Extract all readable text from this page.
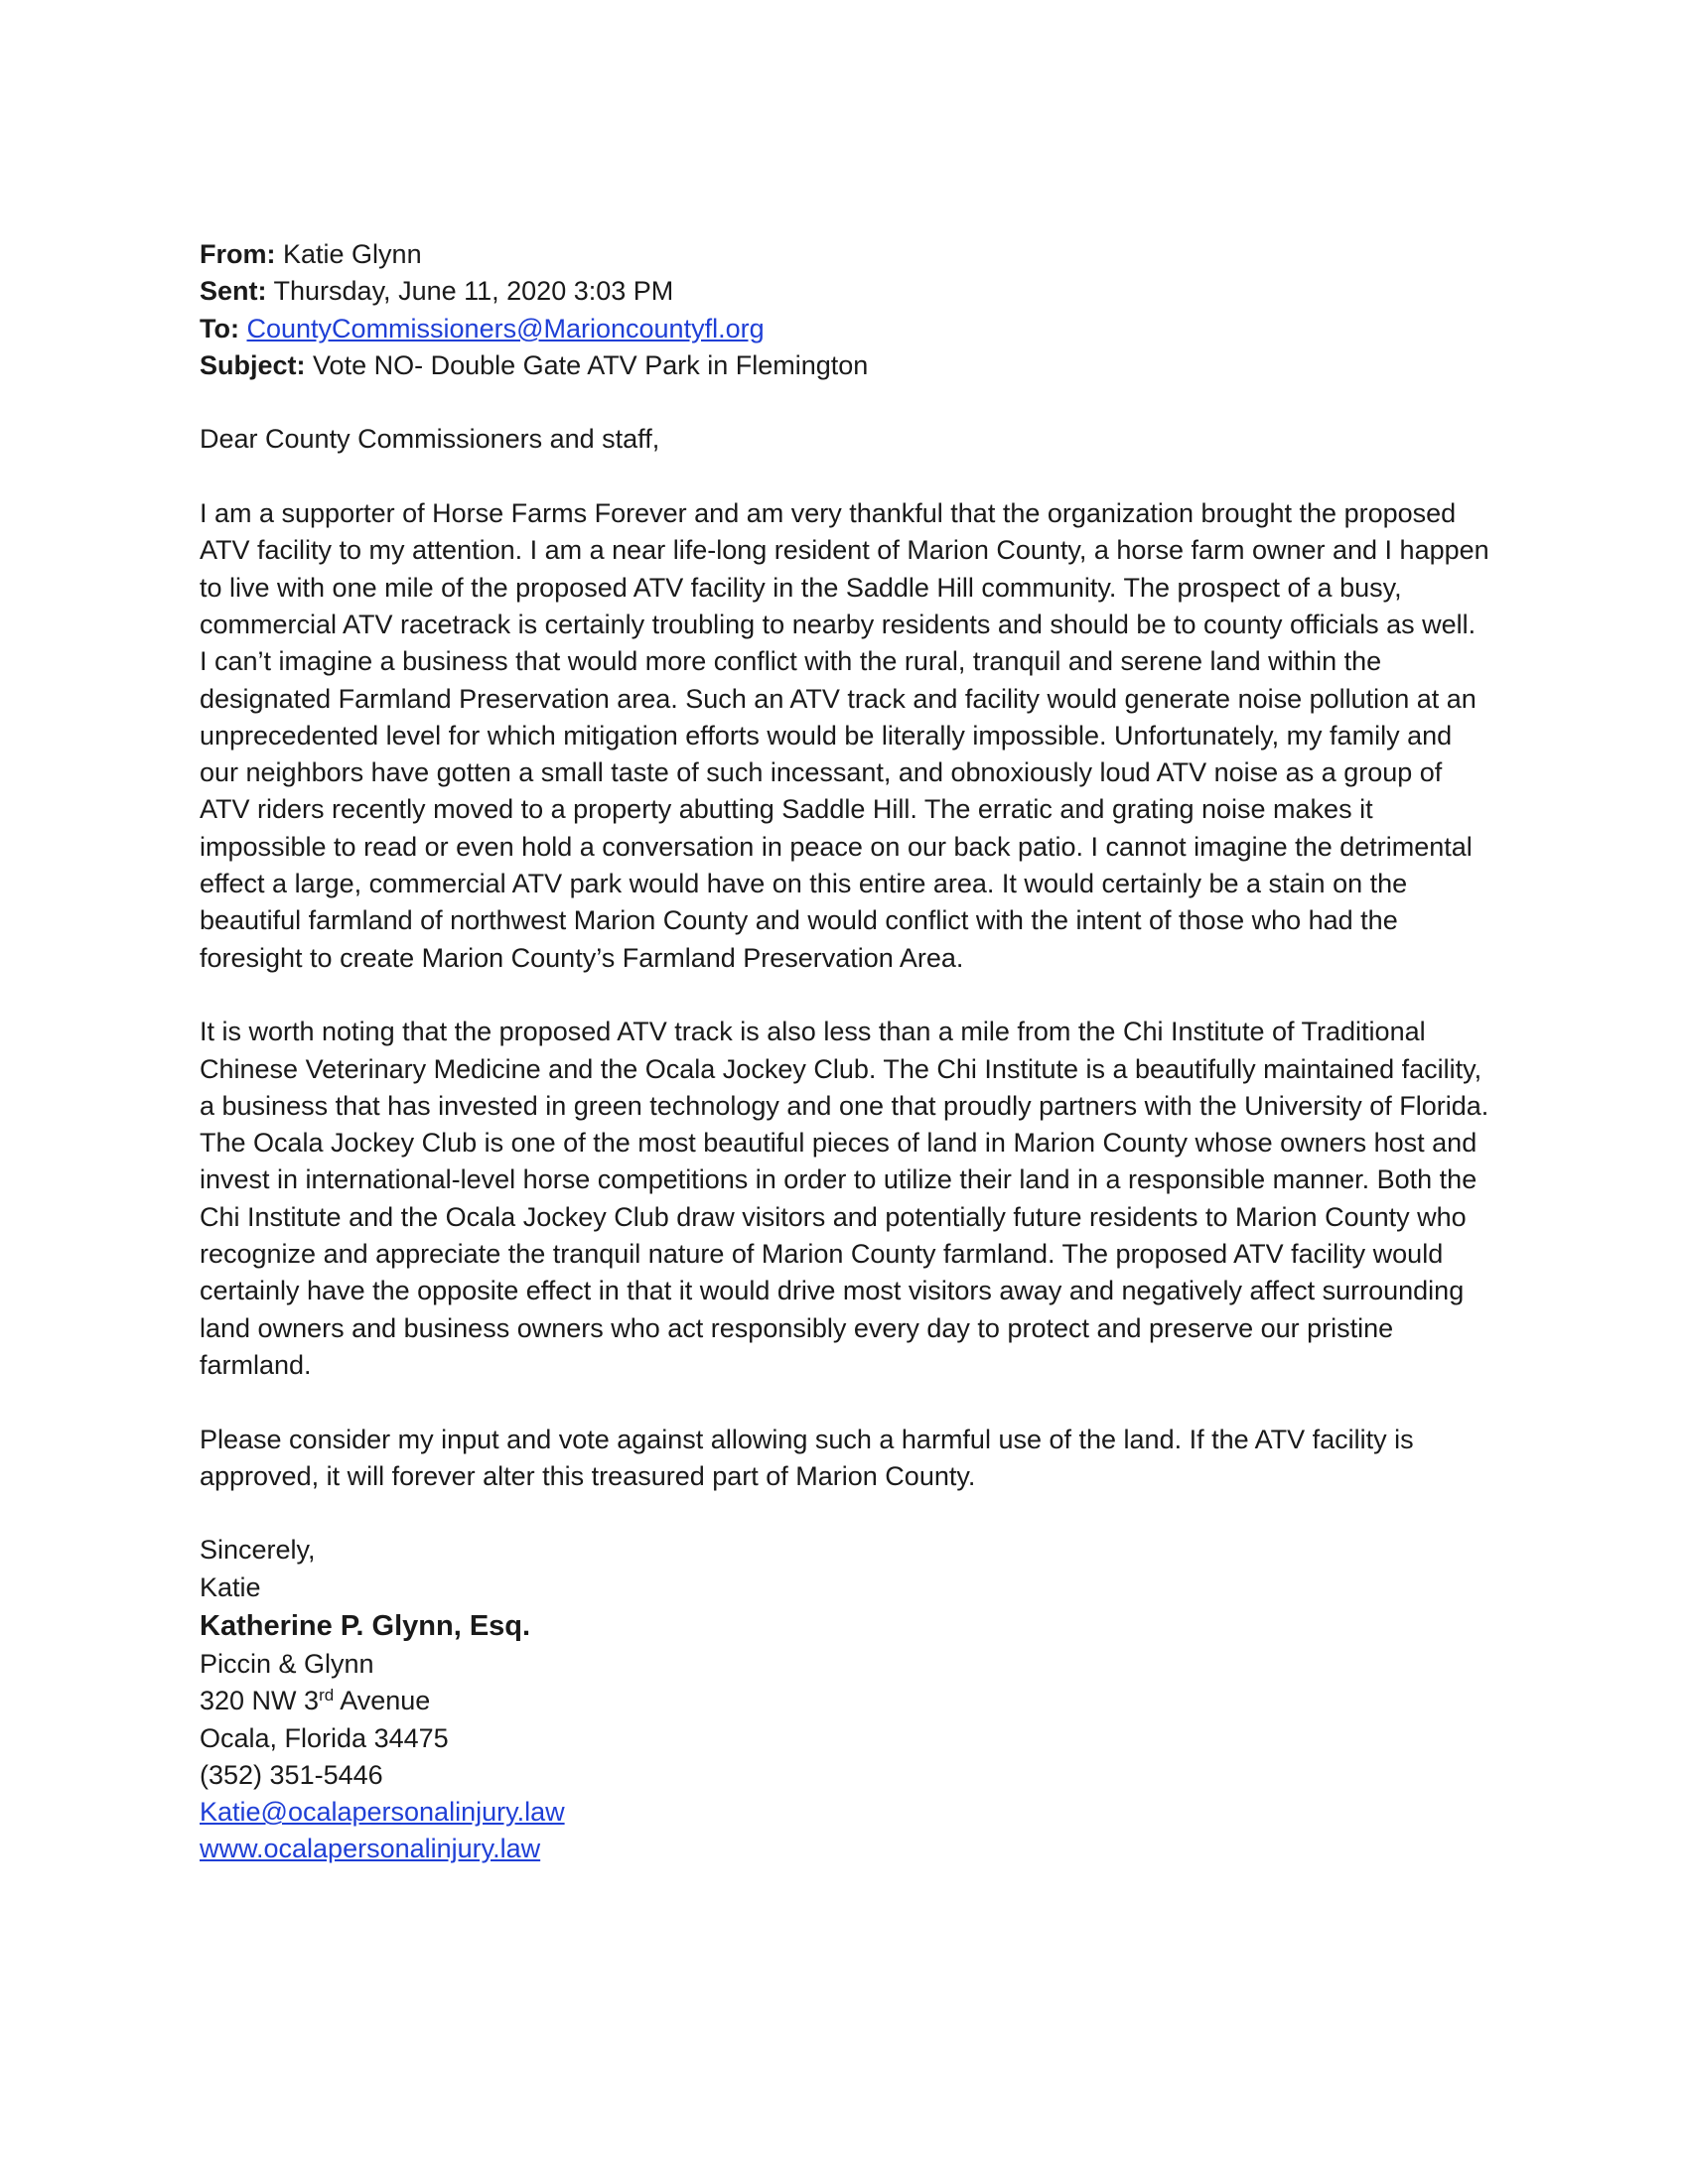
From: Katie Glynn
Sent: Thursday, June 11, 2020 3:03 PM
To: CountyCommissioners@Marioncountyfl.org
Subject: Vote NO- Double Gate ATV Park in Flemington

Dear County Commissioners and staff,

I am a supporter of Horse Farms Forever and am very thankful that the organization brought the proposed ATV facility to my attention. I am a near life-long resident of Marion County, a horse farm owner and I happen to live with one mile of the proposed ATV facility in the Saddle Hill community. The prospect of a busy, commercial ATV racetrack is certainly troubling to nearby residents and should be to county officials as well. I can’t imagine a business that would more conflict with the rural, tranquil and serene land within the designated Farmland Preservation area. Such an ATV track and facility would generate noise pollution at an unprecedented level for which mitigation efforts would be literally impossible. Unfortunately, my family and our neighbors have gotten a small taste of such incessant, and obnoxiously loud ATV noise as a group of ATV riders recently moved to a property abutting Saddle Hill. The erratic and grating noise makes it impossible to read or even hold a conversation in peace on our back patio. I cannot imagine the detrimental effect a large, commercial ATV park would have on this entire area. It would certainly be a stain on the beautiful farmland of northwest Marion County and would conflict with the intent of those who had the foresight to create Marion County’s Farmland Preservation Area.

It is worth noting that the proposed ATV track is also less than a mile from the Chi Institute of Traditional Chinese Veterinary Medicine and the Ocala Jockey Club. The Chi Institute is a beautifully maintained facility, a business that has invested in green technology and one that proudly partners with the University of Florida. The Ocala Jockey Club is one of the most beautiful pieces of land in Marion County whose owners host and invest in international-level horse competitions in order to utilize their land in a responsible manner. Both the Chi Institute and the Ocala Jockey Club draw visitors and potentially future residents to Marion County who recognize and appreciate the tranquil nature of Marion County farmland. The proposed ATV facility would certainly have the opposite effect in that it would drive most visitors away and negatively affect surrounding land owners and business owners who act responsibly every day to protect and preserve our pristine farmland.

Please consider my input and vote against allowing such a harmful use of the land. If the ATV facility is approved, it will forever alter this treasured part of Marion County.

Sincerely,
Katie
Katherine P. Glynn, Esq.
Piccin & Glynn
320 NW 3rd Avenue
Ocala, Florida 34475
(352) 351-5446
Katie@ocalapersonalinjury.law
www.ocalapersonalinjury.law
